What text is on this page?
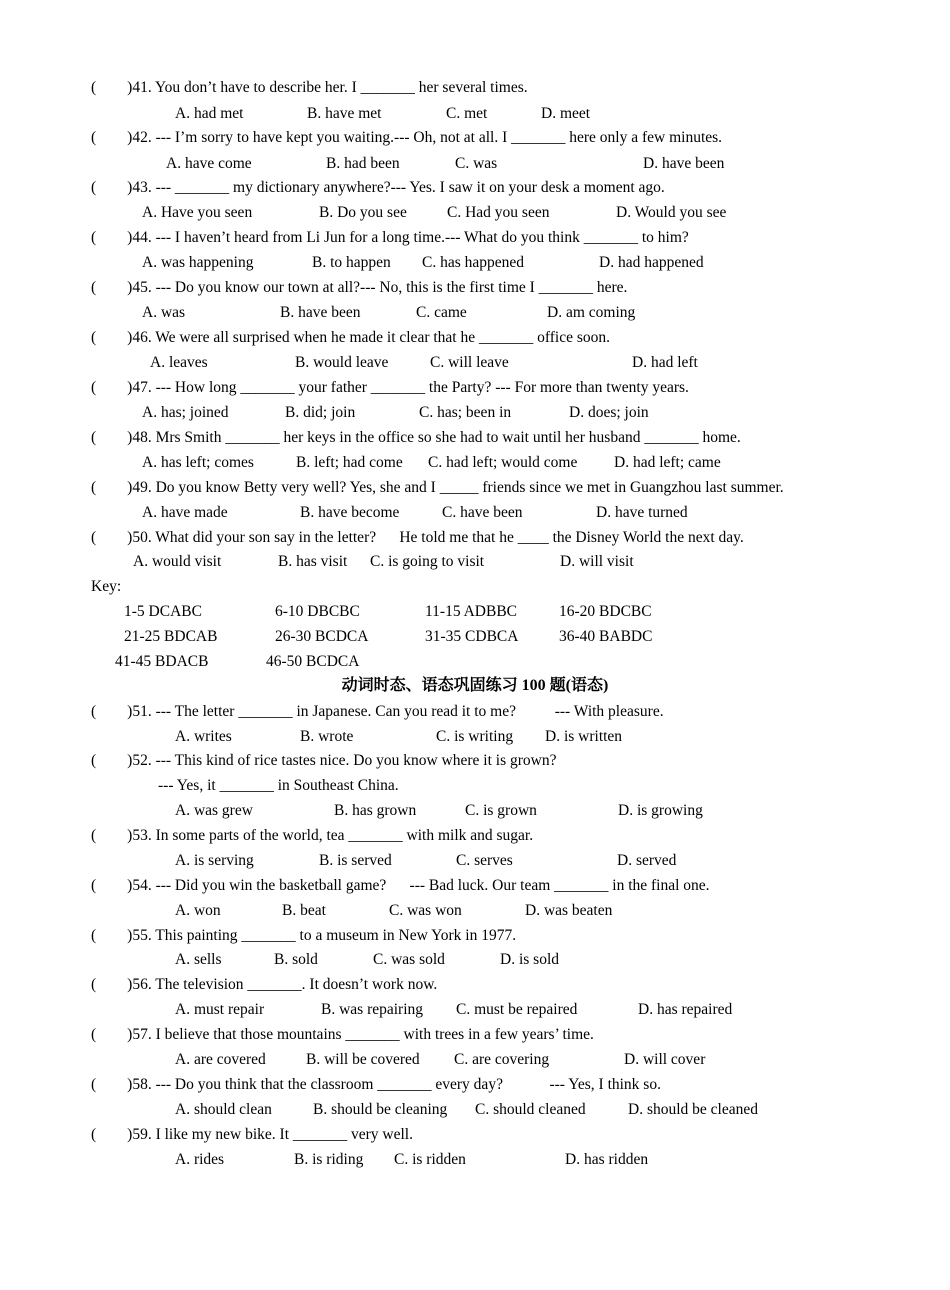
(        )41. You don’t have to describe her. I _______ her several times.
A. had met	B. have met	C. met	D. meet
(        )42. --- I’m sorry to have kept you waiting.--- Oh, not at all. I _______ here only a few minutes.
A. have come	B. had been	C. was	D. have been
(        )43. --- _______ my dictionary anywhere?--- Yes. I saw it on your desk a moment ago.
A. Have you seen	B. Do you see	C. Had you seen	D. Would you see
(        )44. --- I haven’t heard from Li Jun for a long time.--- What do you think _______ to him?
A. was happening	B. to happen C. has happened	D. had happened
(        )45. --- Do you know our town at all?--- No, this is the first time I _______ here.
A. was	B. have been	C. came	D. am coming
(        )46. We were all surprised when he made it clear that he _______ office soon.
A. leaves	B. would leave	C. will leave	D. had left
(        )47. --- How long _______ your father _______ the Party? --- For more than twenty years.
A. has; joined	B. did; join	C. has; been in	D. does; join
(        )48. Mrs Smith _______ her keys in the office so she had to wait until her husband _______ home.
A. has left; comes	B. left; had come C. had left; would come D. had left; came
(        )49. Do you know Betty very well? Yes, she and I _____ friends since we met in Guangzhou last summer.
A. have made	B. have become	C. have been	D. have turned
(        )50. What did your son say in the letter?      He told me that he ____ the Disney World the next day.
A. would visit	B. has visit C. is going to visit	D. will visit
Key:
1-5 DCABC	6-10 DBCBC	11-15 ADBBC	16-20 BDCBC
21-25 BDCAB	26-30 BCDCA	31-35 CDBCA	36-40 BABDC
41-45 BDACB	46-50 BCDCA
动词时态、语态巩固练习 100 题(语态)
(        )51. --- The letter _______ in Japanese. Can you read it to me?          --- With pleasure.
A. writes	B. wrote	C. is writing D. is written
(        )52. --- This kind of rice tastes nice. Do you know where it is grown?
--- Yes, it _______ in Southeast China.
A. was grew	B. has grown	C. is grown	D. is growing
(        )53. In some parts of the world, tea _______ with milk and sugar.
A. is serving	B. is served	C. serves	D. served
(        )54. --- Did you win the basketball game?      --- Bad luck. Our team _______ in the final one.
A. won	B. beat	C. was won	D. was beaten
(        )55. This painting _______ to a museum in New York in 1977.
A. sells	B. sold	C. was sold	D. is sold
(        )56. The television _______. It doesn’t work now.
A. must repair	B. was repairing C. must be repaired	D. has repaired
(        )57. I believe that those mountains _______ with trees in a few years’ time.
A. are covered	B. will be covered C. are covering	D. will cover
(        )58. --- Do you think that the classroom _______ every day?            --- Yes, I think so.
A. should clean	B. should be cleaning C. should cleaned	D. should be cleaned
(        )59. I like my new bike. It _______ very well.
A. rides	B. is riding C. is ridden	D. has ridden
